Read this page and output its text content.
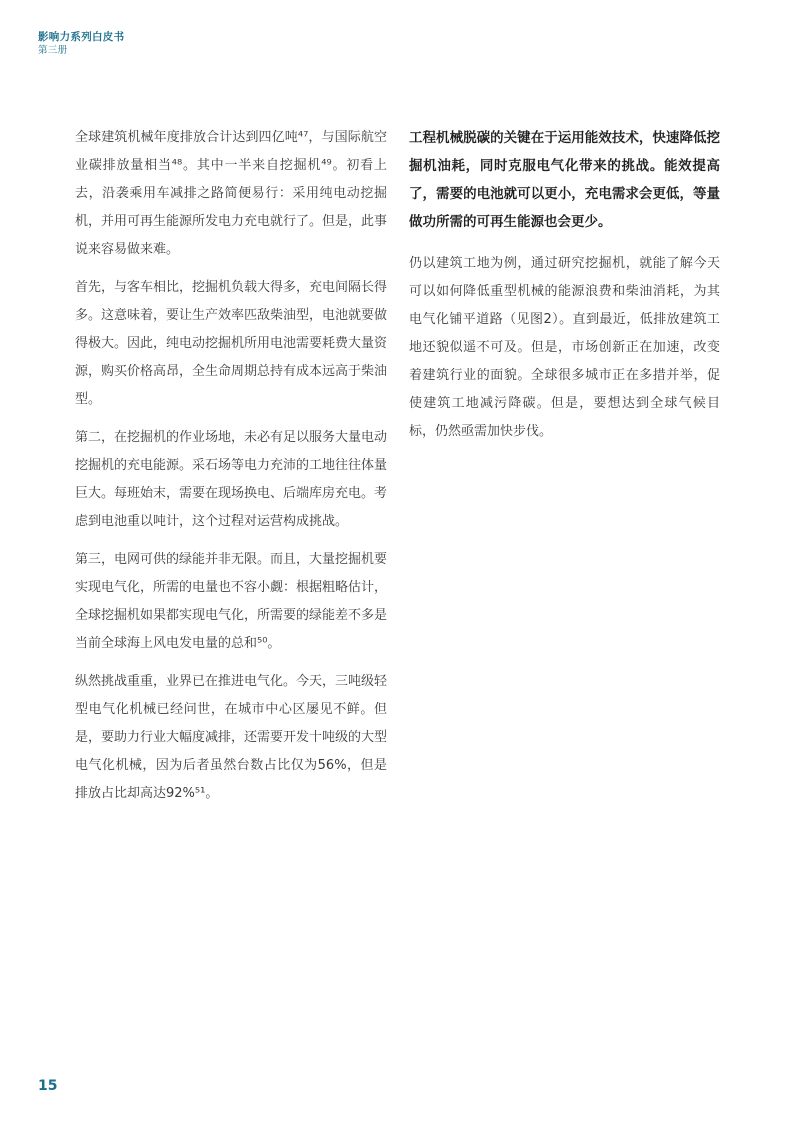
影响力系列白皮书
第三册

全球建筑机械年度排放合计达到四亿吨⁴⁷，与国际航空业碳排放量相当⁴⁸。其中一半来自挖掘机⁴⁹。初看上去，沿袭乘用车减排之路简便易行：采用纯电动挖掘机，并用可再生能源所发电力充电就行了。但是，此事说来容易做来难。

首先，与客车相比，挖掘机负载大得多，充电间隔长得多。这意味着，要让生产效率匹敌柴油型，电池就要做得极大。因此，纯电动挖掘机所用电池需要耗费大量资源，购买价格高昂，全生命周期总持有成本远高于柴油型。

第二，在挖掘机的作业场地，未必有足以服务大量电动挖掘机的充电能源。采石场等电力充沛的工地往往体量巨大。每班始末，需要在现场换电、后端库房充电。考虑到电池重以吨计，这个过程对运营构成挑战。

第三，电网可供的绿能并非无限。而且，大量挖掘机要实现电气化，所需的电量也不容小觑：根据粗略估计，全球挖掘机如果都实现电气化，所需要的绿能差不多是当前全球海上风电发电量的总和⁵⁰。

纵然挑战重重，业界已在推进电气化。今天，三吨级轻型电气化机械已经问世，在城市中心区屡见不鲜。但是，要助力行业大幅度减排，还需要开发十吨级的大型电气化机械，因为后者虽然台数占比仅为56%，但是排放占比却高达92%⁵¹。

工程机械脱碳的关键在于运用能效技术，快速降低挖掘机油耗，同时克服电气化带来的挑战。能效提高了，需要的电池就可以更小，充电需求会更低，等量做功所需的可再生能源也会更少。

仍以建筑工地为例，通过研究挖掘机，就能了解今天可以如何降低重型机械的能源浪费和柴油消耗，为其电气化铺平道路（见图2）。直到最近，低排放建筑工地还貌似遥不可及。但是，市场创新正在加速，改变着建筑行业的面貌。全球很多城市正在多措并举，促使建筑工地减污降碳。但是，要想达到全球气候目标，仍然亟需加快步伐。

15
